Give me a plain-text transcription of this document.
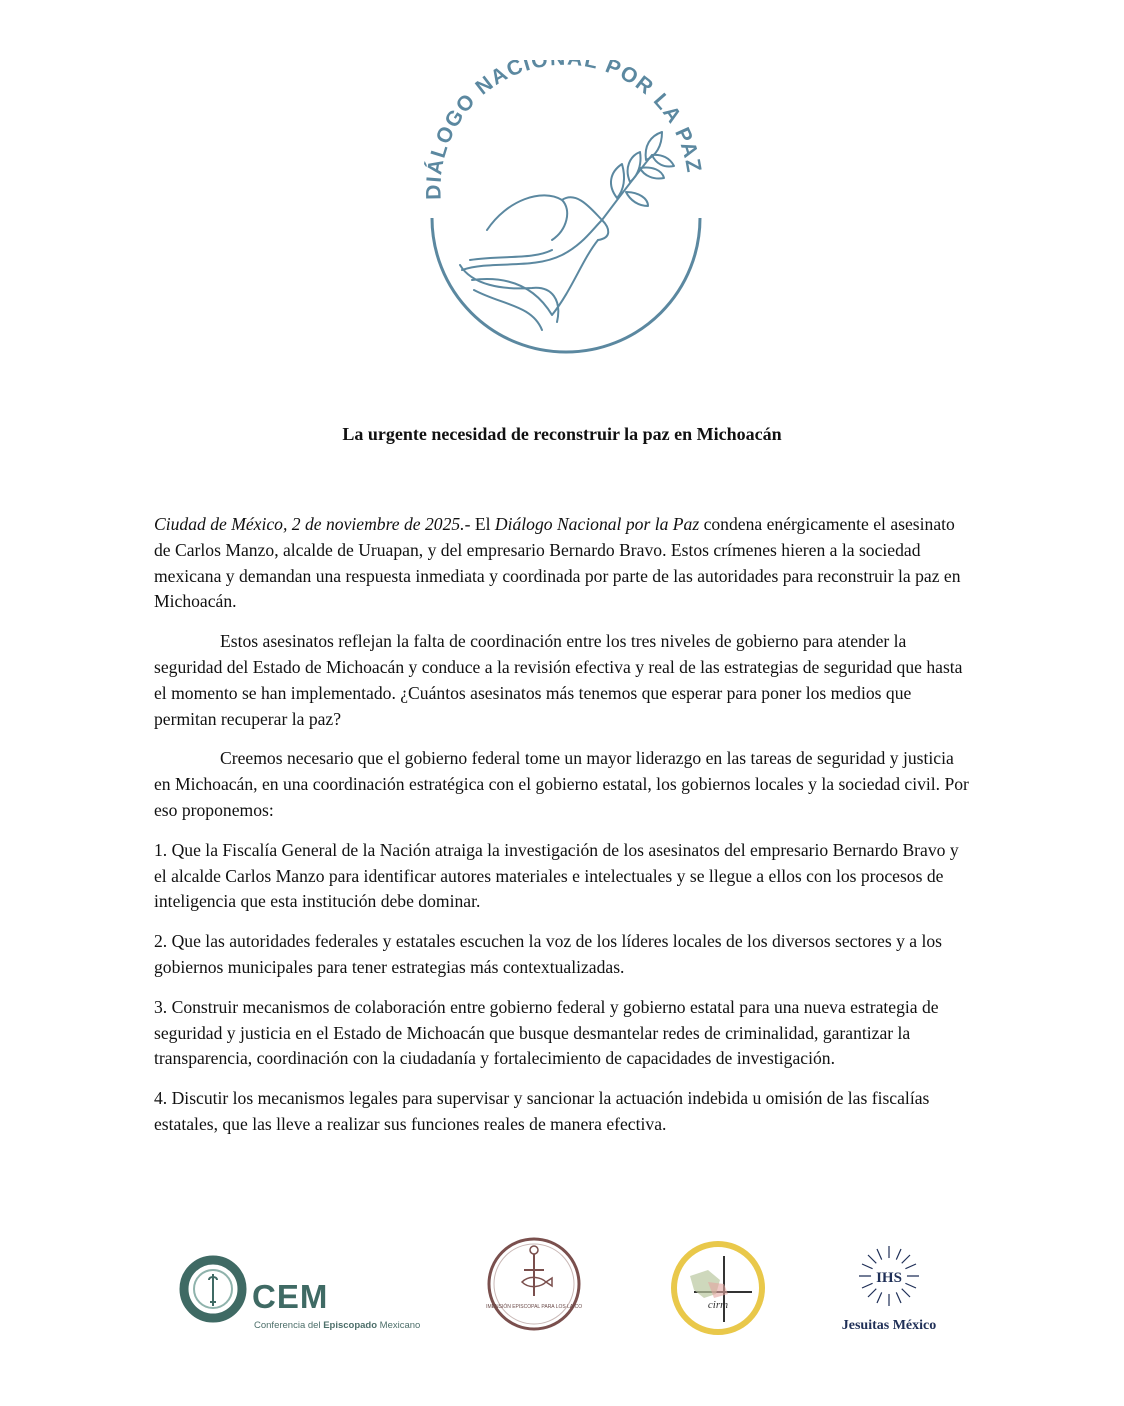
DIÁLOGO NACIO L POR LA PAZ
La urgente necesidad de reconstruir la paz en Michoacán

Ciudad de México, 2 de noviembre de 2025.- El Diálogo Nacional por la Paz condena enérgicamente el asesinato de Carlos Manzo, alcalde de Uruapan, y del empresario Bernardo Bravo. Estos crímenes hieren a la sociedad mexicana y demandan una respuesta inmediata y coordinada por parte de las autoridades para reconstruir la paz en Michoacán.

Estos asesinatos reflejan la falta de coordinación entre los tres niveles de gobierno para atender la seguridad del Estado de Michoacán y conduce a la revisión efectiva y real de las estrategias de seguridad que hasta el momento se han implementado. ¿Cuántos asesinatos más tenemos que esperar para poner los medios que permitan recuperar la paz?

Creemos necesario que el gobierno federal tome un mayor liderazgo en las tareas de seguridad y justicia en Michoacán, en una coordinación estratégica con el gobierno estatal, los gobiernos locales y la sociedad civil. Por eso proponemos:

1. Que la Fiscalía General de la Nación atraiga la investigación de los asesinatos del empresario Bernardo Bravo y el alcalde Carlos Manzo para identificar autores materiales e intelectuales y se llegue a ellos con los procesos de inteligencia que esta institución debe dominar.

2. Que las autoridades federales y estatales escuchen la voz de los líderes locales de los diversos sectores y a los gobiernos municipales para tener estrategias más contextualizadas.

3. Construir mecanismos de colaboración entre gobierno federal y gobierno estatal para una nueva estrategia de seguridad y justicia en el Estado de Michoacán que busque desmantelar redes de criminalidad, garantizar la transparencia, coordinación con la ciudadanía y fortalecimiento de capacidades de investigación.

4. Discutir los mecanismos legales para supervisar y sancionar la actuación indebida u omisión de las fiscalías estatales, que las lleve a realizar sus funciones reales de manera efectiva.

CEM
Conferencia del Episcopado Mexicano
DIMENSIÓN EPISCOPAL PARA LOS LAICOS	cirm
IHS
Jesuitas México
